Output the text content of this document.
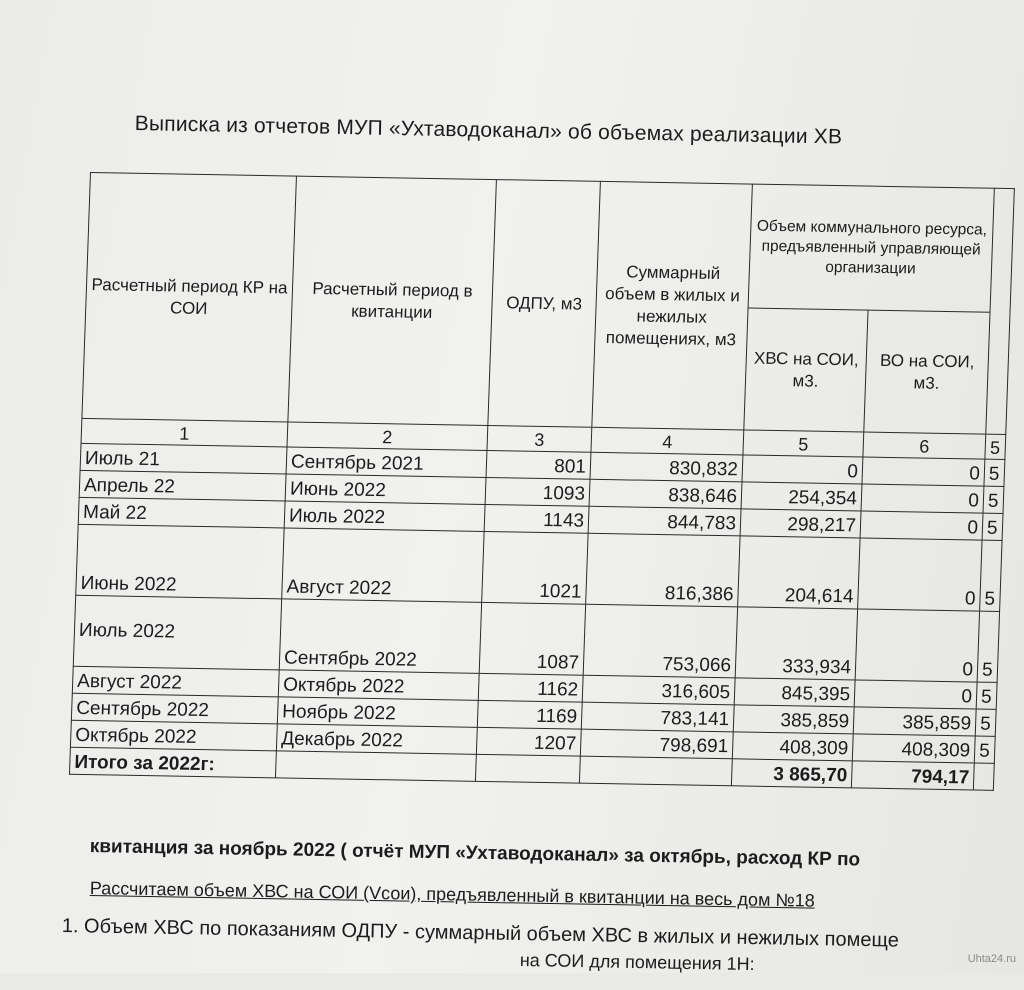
Выписка из отчетов МУП «Ухтаводоканал» об объемах реализации ХВ
Расчетный период КР на СОИ	Расчетный период в квитанции	ОДПУ, м3	Суммарный объем в жилых и нежилых помещениях, м3	Объем коммунального ресурса, предъявленный управляющей организации		
				ХВС на СОИ, м3.	ВО на СОИ, м3.	
1	2	3	4	5	6	5
Июль 21	Сентябрь 2021	801	830,832	0	0	5
Апрель 22	Июнь 2022	1093	838,646	254,354	0	5
Май 22	Июль 2022	1143	844,783	298,217	0	5
Июнь 2022	Август 2022	1021	816,386	204,614	0	5
Июль 2022	Сентябрь 2022	1087	753,066	333,934	0	5
Август 2022	Октябрь 2022	1162	316,605	845,395	0	5
Сентябрь 2022	Ноябрь 2022	1169	783,141	385,859	385,859	5
Октябрь 2022	Декабрь 2022	1207	798,691	408,309	408,309	5
Итого за 2022г:				3 865,70	794,17	
квитанция за ноябрь 2022 ( отчёт МУП «Ухтаводоканал» за октябрь, расход КР по
Рассчитаем объем ХВС на СОИ (Vсои), предъявленный в квитанции на весь дом №18
1. Объем ХВС по показаниям ОДПУ - суммарный объем ХВС в жилых и нежилых помеще
на СОИ для помещения 1Н:	Uhta24.ru
